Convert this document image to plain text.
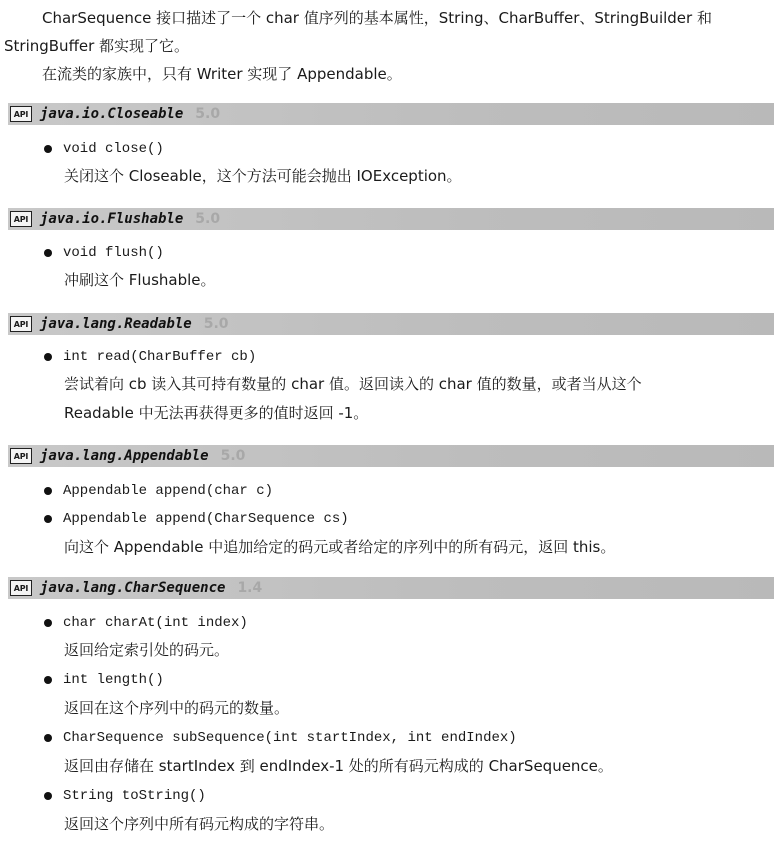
CharSequence 接口描述了一个 char 值序列的基本属性，String、CharBuffer、StringBuilder 和
StringBuffer 都实现了它。
在流类的家族中，只有 Writer 实现了 Appendable。
API java.io.Closeable 5.0
void close()
关闭这个 Closeable，这个方法可能会抛出 IOException。
API java.io.Flushable 5.0
void flush()
冲刷这个 Flushable。
API java.lang.Readable 5.0
int read(CharBuffer cb)
尝试着向 cb 读入其可持有数量的 char 值。返回读入的 char 值的数量，或者当从这个
Readable 中无法再获得更多的值时返回 -1。
API java.lang.Appendable 5.0
Appendable append(char c)
Appendable append(CharSequence cs)
向这个 Appendable 中追加给定的码元或者给定的序列中的所有码元，返回 this。
API java.lang.CharSequence 1.4
char charAt(int index)
返回给定索引处的码元。
int length()
返回在这个序列中的码元的数量。
CharSequence subSequence(int startIndex, int endIndex)
返回由存储在 startIndex 到 endIndex-1 处的所有码元构成的 CharSequence。
String toString()
返回这个序列中所有码元构成的字符串。
